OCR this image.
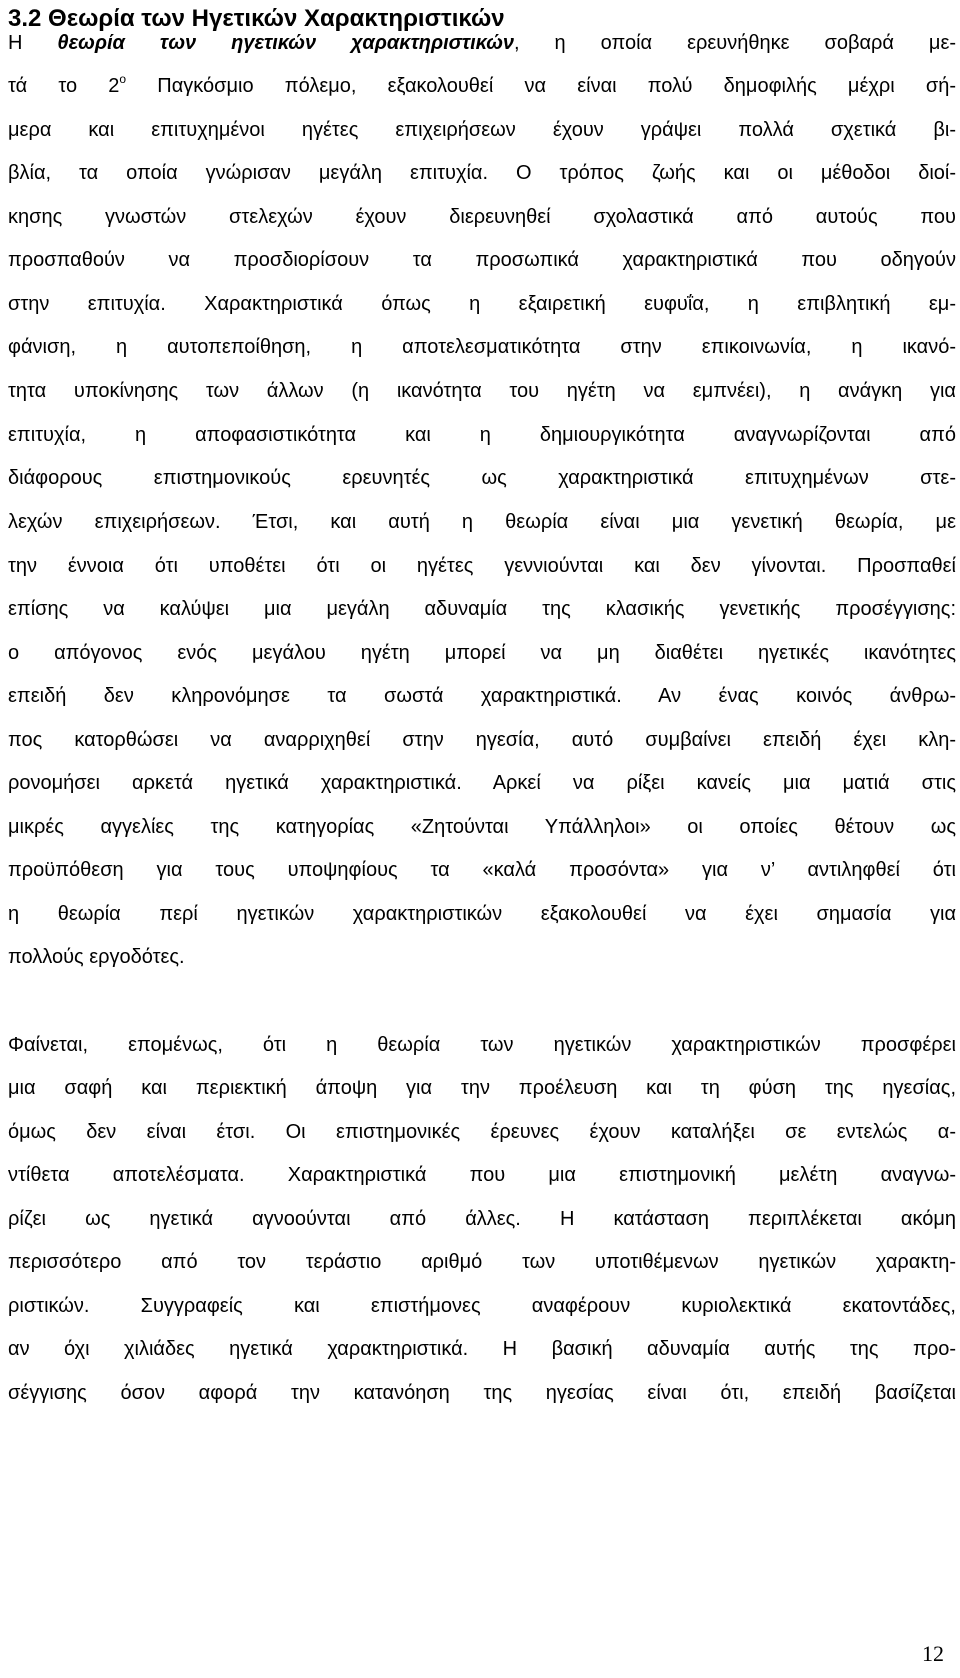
3.2 Θεωρία των Ηγετικών Χαρακτηριστικών
Η θεωρία των ηγετικών χαρακτηριστικών, η οποία ερευνήθηκε σοβαρά με-
τά το $2^o$ Παγκόσμιο πόλεμο, εξακολουθεί να είναι πολύ δημοφιλής μέχρι σή-
μερα και επιτυχημένοι ηγέτες επιχειρήσεων έχουν γράψει πολλά σχετικά βι-
βλία, τα οποία γνώρισαν μεγάλη επιτυχία. Ο τρόπος ζωής και οι μέθοδοι διοί-
κησης γνωστών στελεχών έχουν διερευνηθεί σχολαστικά από αυτούς που
προσπαθούν να προσδιορίσουν τα προσωπικά χαρακτηριστικά που οδηγούν
στην επιτυχία. Χαρακτηριστικά όπως η εξαιρετική ευφυΐα, η επιβλητική εμ-
φάνιση, η αυτοπεποίθηση, η αποτελεσματικότητα στην επικοινωνία, η ικανό-
τητα υποκίνησης των άλλων (η ικανότητα του ηγέτη να εμπνέει), η ανάγκη για
επιτυχία, η αποφασιστικότητα και η δημιουργικότητα αναγνωρίζονται από
διάφορους επιστημονικούς ερευνητές ως χαρακτηριστικά επιτυχημένων στε-
λεχών επιχειρήσεων. Έτσι, και αυτή η θεωρία είναι μια γενετική θεωρία, με
την έννοια ότι υποθέτει ότι οι ηγέτες γεννιούνται και δεν γίνονται. Προσπαθεί
επίσης να καλύψει μια μεγάλη αδυναμία της κλασικής γενετικής προσέγγισης:
ο απόγονος ενός μεγάλου ηγέτη μπορεί να μη διαθέτει ηγετικές ικανότητες
επειδή δεν κληρονόμησε τα σωστά χαρακτηριστικά. Αν ένας κοινός άνθρω-
πος κατορθώσει να αναρριχηθεί στην ηγεσία, αυτό συμβαίνει επειδή έχει κλη-
ρονομήσει αρκετά ηγετικά χαρακτηριστικά. Αρκεί να ρίξει κανείς μια ματιά στις
μικρές αγγελίες της κατηγορίας «Ζητούνται Υπάλληλοι» οι οποίες θέτουν ως
προϋπόθεση για τους υποψηφίους τα «καλά προσόντα» για ν’ αντιληφθεί ότι
η θεωρία περί ηγετικών χαρακτηριστικών εξακολουθεί να έχει σημασία για
πολλούς εργοδότες.
Φαίνεται, επομένως, ότι η θεωρία των ηγετικών χαρακτηριστικών προσφέρει
μια σαφή και περιεκτική άποψη για την προέλευση και τη φύση της ηγεσίας,
όμως δεν είναι έτσι. Οι επιστημονικές έρευνες έχουν καταλήξει σε εντελώς α-
ντίθετα αποτελέσματα. Χαρακτηριστικά που μια επιστημονική μελέτη αναγνω-
ρίζει ως ηγετικά αγνοούνται από άλλες. Η κατάσταση περιπλέκεται ακόμη
περισσότερο από τον τεράστιο αριθμό των υποτιθέμενων ηγετικών χαρακτη-
ριστικών. Συγγραφείς και επιστήμονες αναφέρουν κυριολεκτικά εκατοντάδες,
αν όχι χιλιάδες ηγετικά χαρακτηριστικά. Η βασική αδυναμία αυτής της προ-
σέγγισης όσον αφορά την κατανόηση της ηγεσίας είναι ότι, επειδή βασίζεται
12
